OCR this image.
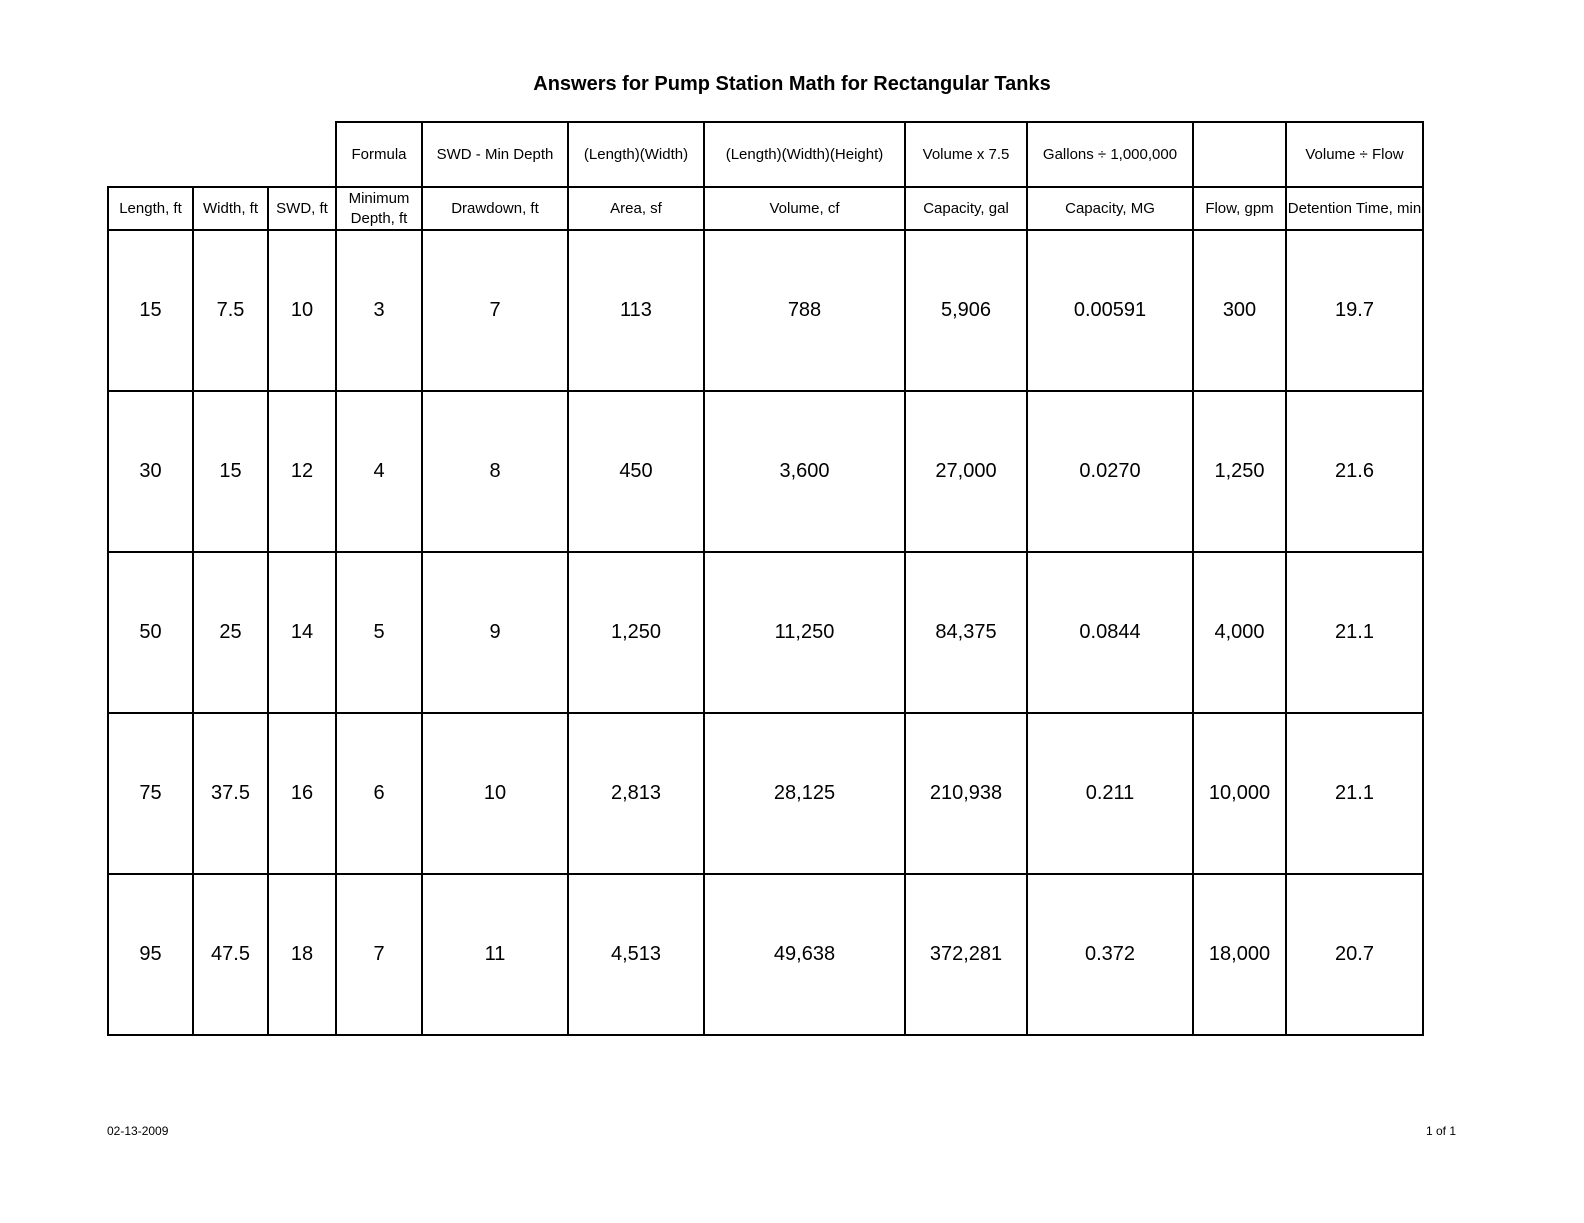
Answers for Pump Station Math for Rectangular Tanks
			Formula	SWD - Min Depth	(Length)(Width)	(Length)(Width)(Height)	Volume x 7.5	Gallons ÷ 1,000,000		Volume ÷ Flow
Length, ft	Width, ft	SWD, ft	Minimum Depth, ft	Drawdown, ft	Area, sf	Volume, cf	Capacity, gal	Capacity, MG	Flow, gpm	Detention Time, min
15	7.5	10	3	7	113	788	5,906	0.00591	300	19.7
30	15	12	4	8	450	3,600	27,000	0.0270	1,250	21.6
50	25	14	5	9	1,250	11,250	84,375	0.0844	4,000	21.1
75	37.5	16	6	10	2,813	28,125	210,938	0.211	10,000	21.1
95	47.5	18	7	11	4,513	49,638	372,281	0.372	18,000	20.7
02-13-2009	1 of 1
